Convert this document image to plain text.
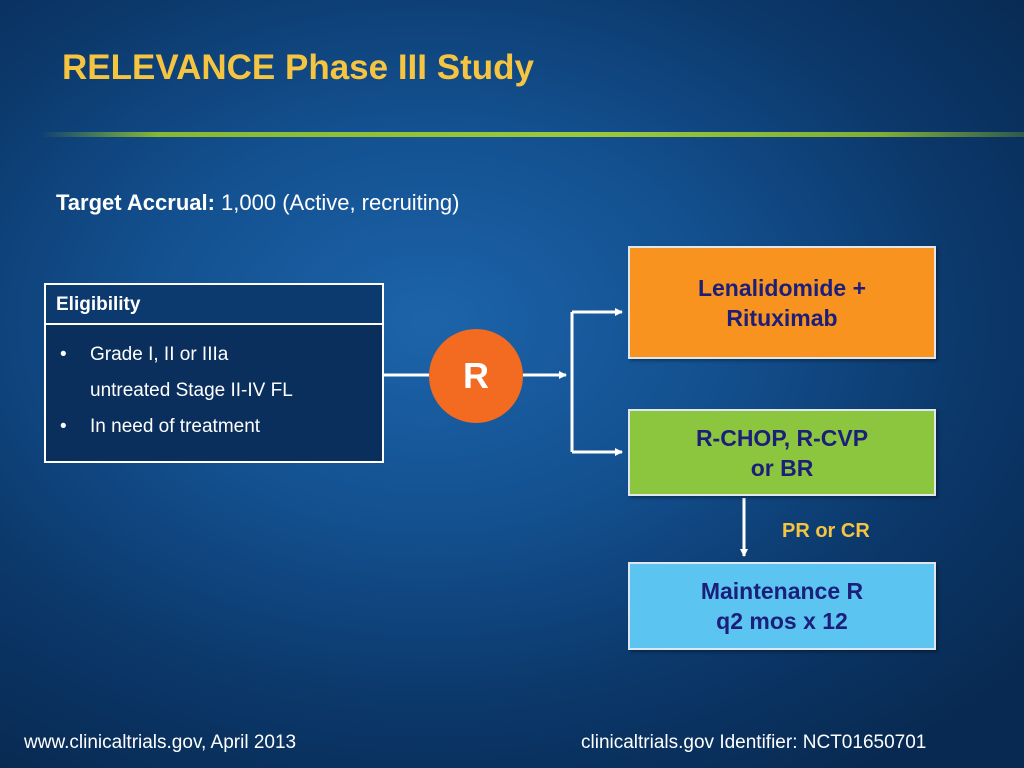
RELEVANCE Phase III Study
Target Accrual: 1,000 (Active, recruiting)
Eligibility
• Grade I, II or IIIa
untreated Stage II-IV FL
• In need of treatment
R
Lenalidomide +
Rituximab
R-CHOP, R-CVP
or BR
PR or CR
Maintenance R
q2 mos x 12
www.clinicaltrials.gov, April 2013	clinicaltrials.gov Identifier: NCT01650701
